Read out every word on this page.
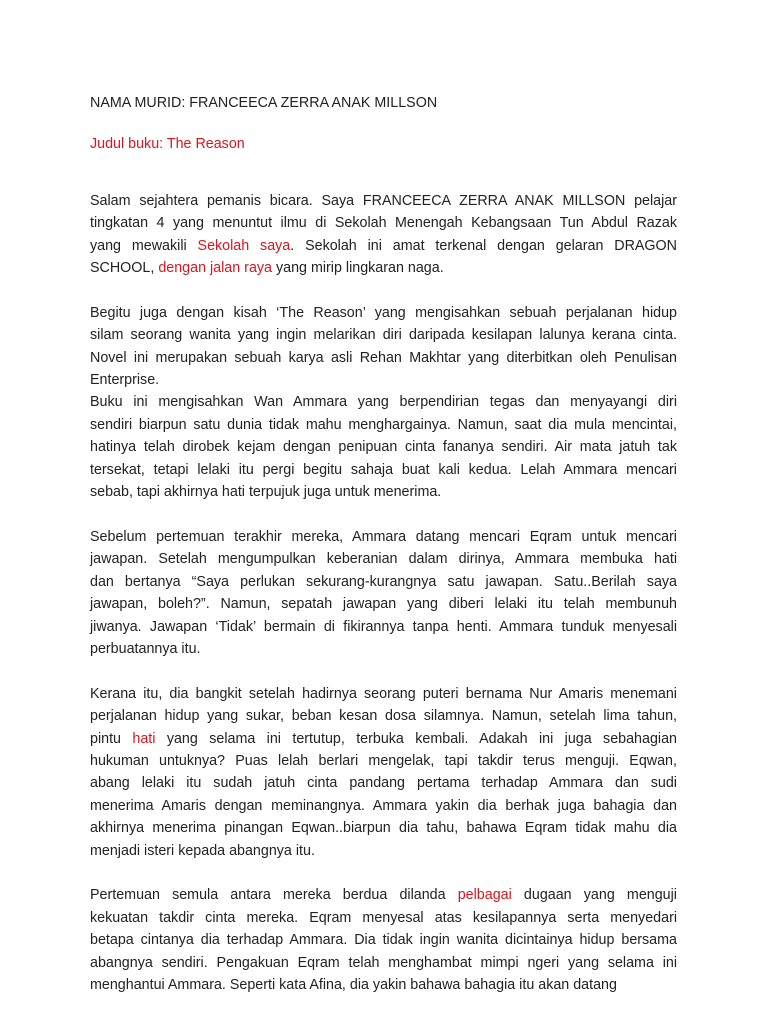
NAMA MURID: FRANCEECA ZERRA ANAK MILLSON

Judul buku: The Reason

Salam sejahtera pemanis bicara. Saya FRANCEECA ZERRA ANAK MILLSON pelajar
tingkatan 4 yang menuntut ilmu di Sekolah Menengah Kebangsaan Tun Abdul Razak
yang mewakili Sekolah saya. Sekolah ini amat terkenal dengan gelaran DRAGON
SCHOOL, dengan jalan raya yang mirip lingkaran naga.
Begitu juga dengan kisah ‘The Reason’ yang mengisahkan sebuah perjalanan hidup
silam seorang wanita yang ingin melarikan diri daripada kesilapan lalunya kerana cinta.
Novel ini merupakan sebuah karya asli Rehan Makhtar yang diterbitkan oleh Penulisan
Enterprise.
Buku ini mengisahkan Wan Ammara yang berpendirian tegas dan menyayangi diri
sendiri biarpun satu dunia tidak mahu menghargainya. Namun, saat dia mula mencintai,
hatinya telah dirobek kejam dengan penipuan cinta fananya sendiri. Air mata jatuh tak
tersekat, tetapi lelaki itu pergi begitu sahaja buat kali kedua. Lelah Ammara mencari
sebab, tapi akhirnya hati terpujuk juga untuk menerima.
Sebelum pertemuan terakhir mereka, Ammara datang mencari Eqram untuk mencari
jawapan. Setelah mengumpulkan keberanian dalam dirinya, Ammara membuka hati
dan bertanya “Saya perlukan sekurang-kurangnya satu jawapan. Satu..Berilah saya
jawapan, boleh?”. Namun, sepatah jawapan yang diberi lelaki itu telah membunuh
jiwanya. Jawapan ‘Tidak’ bermain di fikirannya tanpa henti. Ammara tunduk menyesali
perbuatannya itu.
Kerana itu, dia bangkit setelah hadirnya seorang puteri bernama Nur Amaris menemani
perjalanan hidup yang sukar, beban kesan dosa silamnya. Namun, setelah lima tahun,
pintu hati yang selama ini tertutup, terbuka kembali. Adakah ini juga sebahagian
hukuman untuknya? Puas lelah berlari mengelak, tapi takdir terus menguji. Eqwan,
abang lelaki itu sudah jatuh cinta pandang pertama terhadap Ammara dan sudi
menerima Amaris dengan meminangnya. Ammara yakin dia berhak juga bahagia dan
akhirnya menerima pinangan Eqwan..biarpun dia tahu, bahawa Eqram tidak mahu dia
menjadi isteri kepada abangnya itu.
Pertemuan semula antara mereka berdua dilanda pelbagai dugaan yang menguji
kekuatan takdir cinta mereka. Eqram menyesal atas kesilapannya serta menyedari
betapa cintanya dia terhadap Ammara. Dia tidak ingin wanita dicintainya hidup bersama
abangnya sendiri. Pengakuan Eqram telah menghambat mimpi ngeri yang selama ini
menghantui Ammara. Seperti kata Afina, dia yakin bahawa bahagia itu akan datang
